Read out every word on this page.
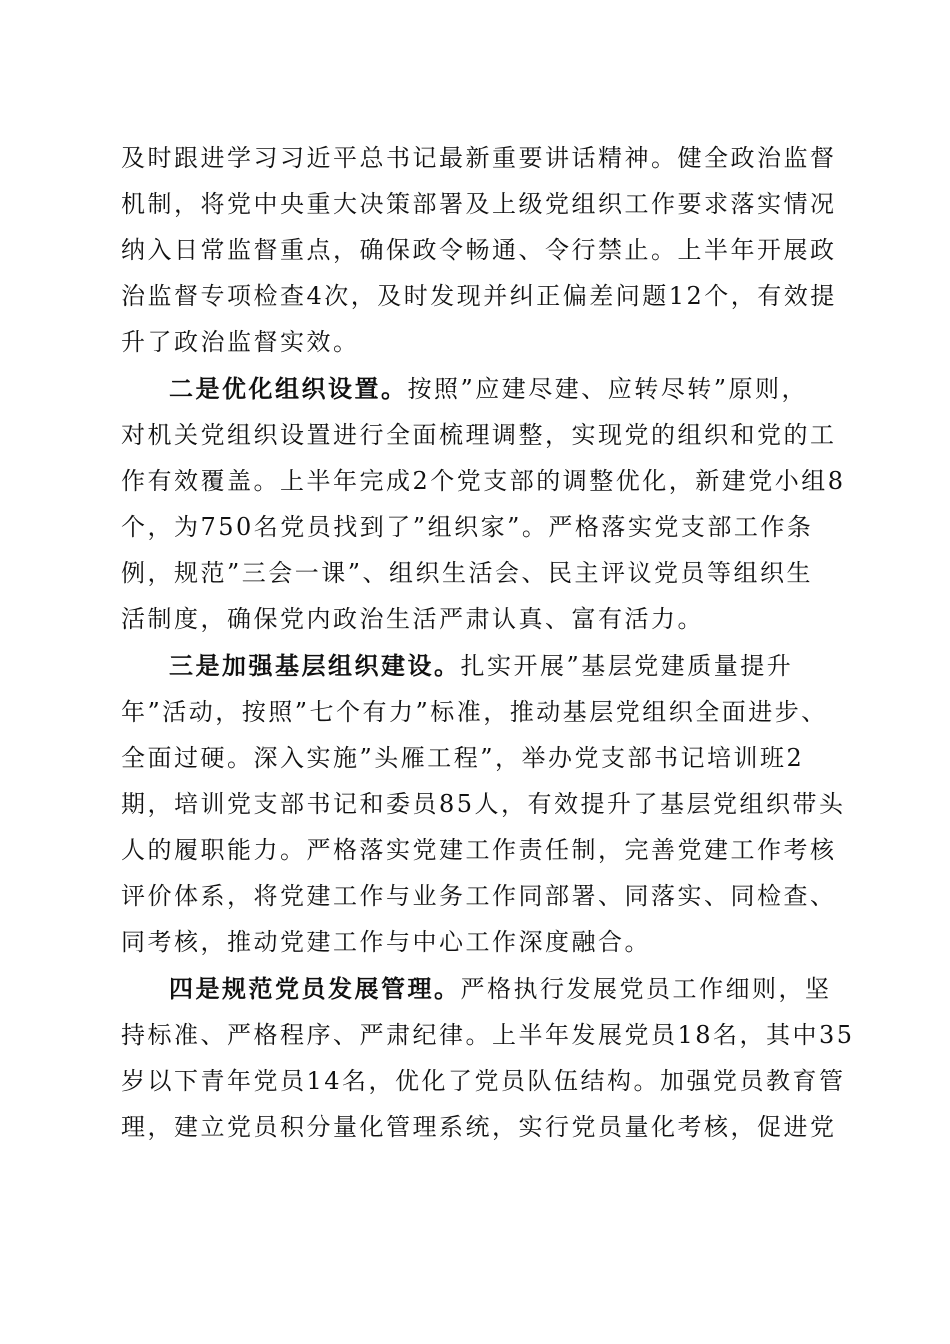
及时跟进学习习近平总书记最新重要讲话精神。健全政治监督
机制，将党中央重大决策部署及上级党组织工作要求落实情况
纳入日常监督重点，确保政令畅通、令行禁止。上半年开展政
治监督专项检查4次，及时发现并纠正偏差问题12个，有效提
升了政治监督实效。
二是优化组织设置。按照”应建尽建、应转尽转”原则，
对机关党组织设置进行全面梳理调整，实现党的组织和党的工
作有效覆盖。上半年完成2个党支部的调整优化，新建党小组8
个，为750名党员找到了”组织家”。严格落实党支部工作条
例，规范”三会一课”、组织生活会、民主评议党员等组织生
活制度，确保党内政治生活严肃认真、富有活力。
三是加强基层组织建设。扎实开展”基层党建质量提升
年”活动，按照”七个有力”标准，推动基层党组织全面进步、
全面过硬。深入实施”头雁工程”，举办党支部书记培训班2
期，培训党支部书记和委员85人，有效提升了基层党组织带头
人的履职能力。严格落实党建工作责任制，完善党建工作考核
评价体系，将党建工作与业务工作同部署、同落实、同检查、
同考核，推动党建工作与中心工作深度融合。
四是规范党员发展管理。严格执行发展党员工作细则，坚
持标准、严格程序、严肃纪律。上半年发展党员18名，其中35
岁以下青年党员14名，优化了党员队伍结构。加强党员教育管
理，建立党员积分量化管理系统，实行党员量化考核，促进党
